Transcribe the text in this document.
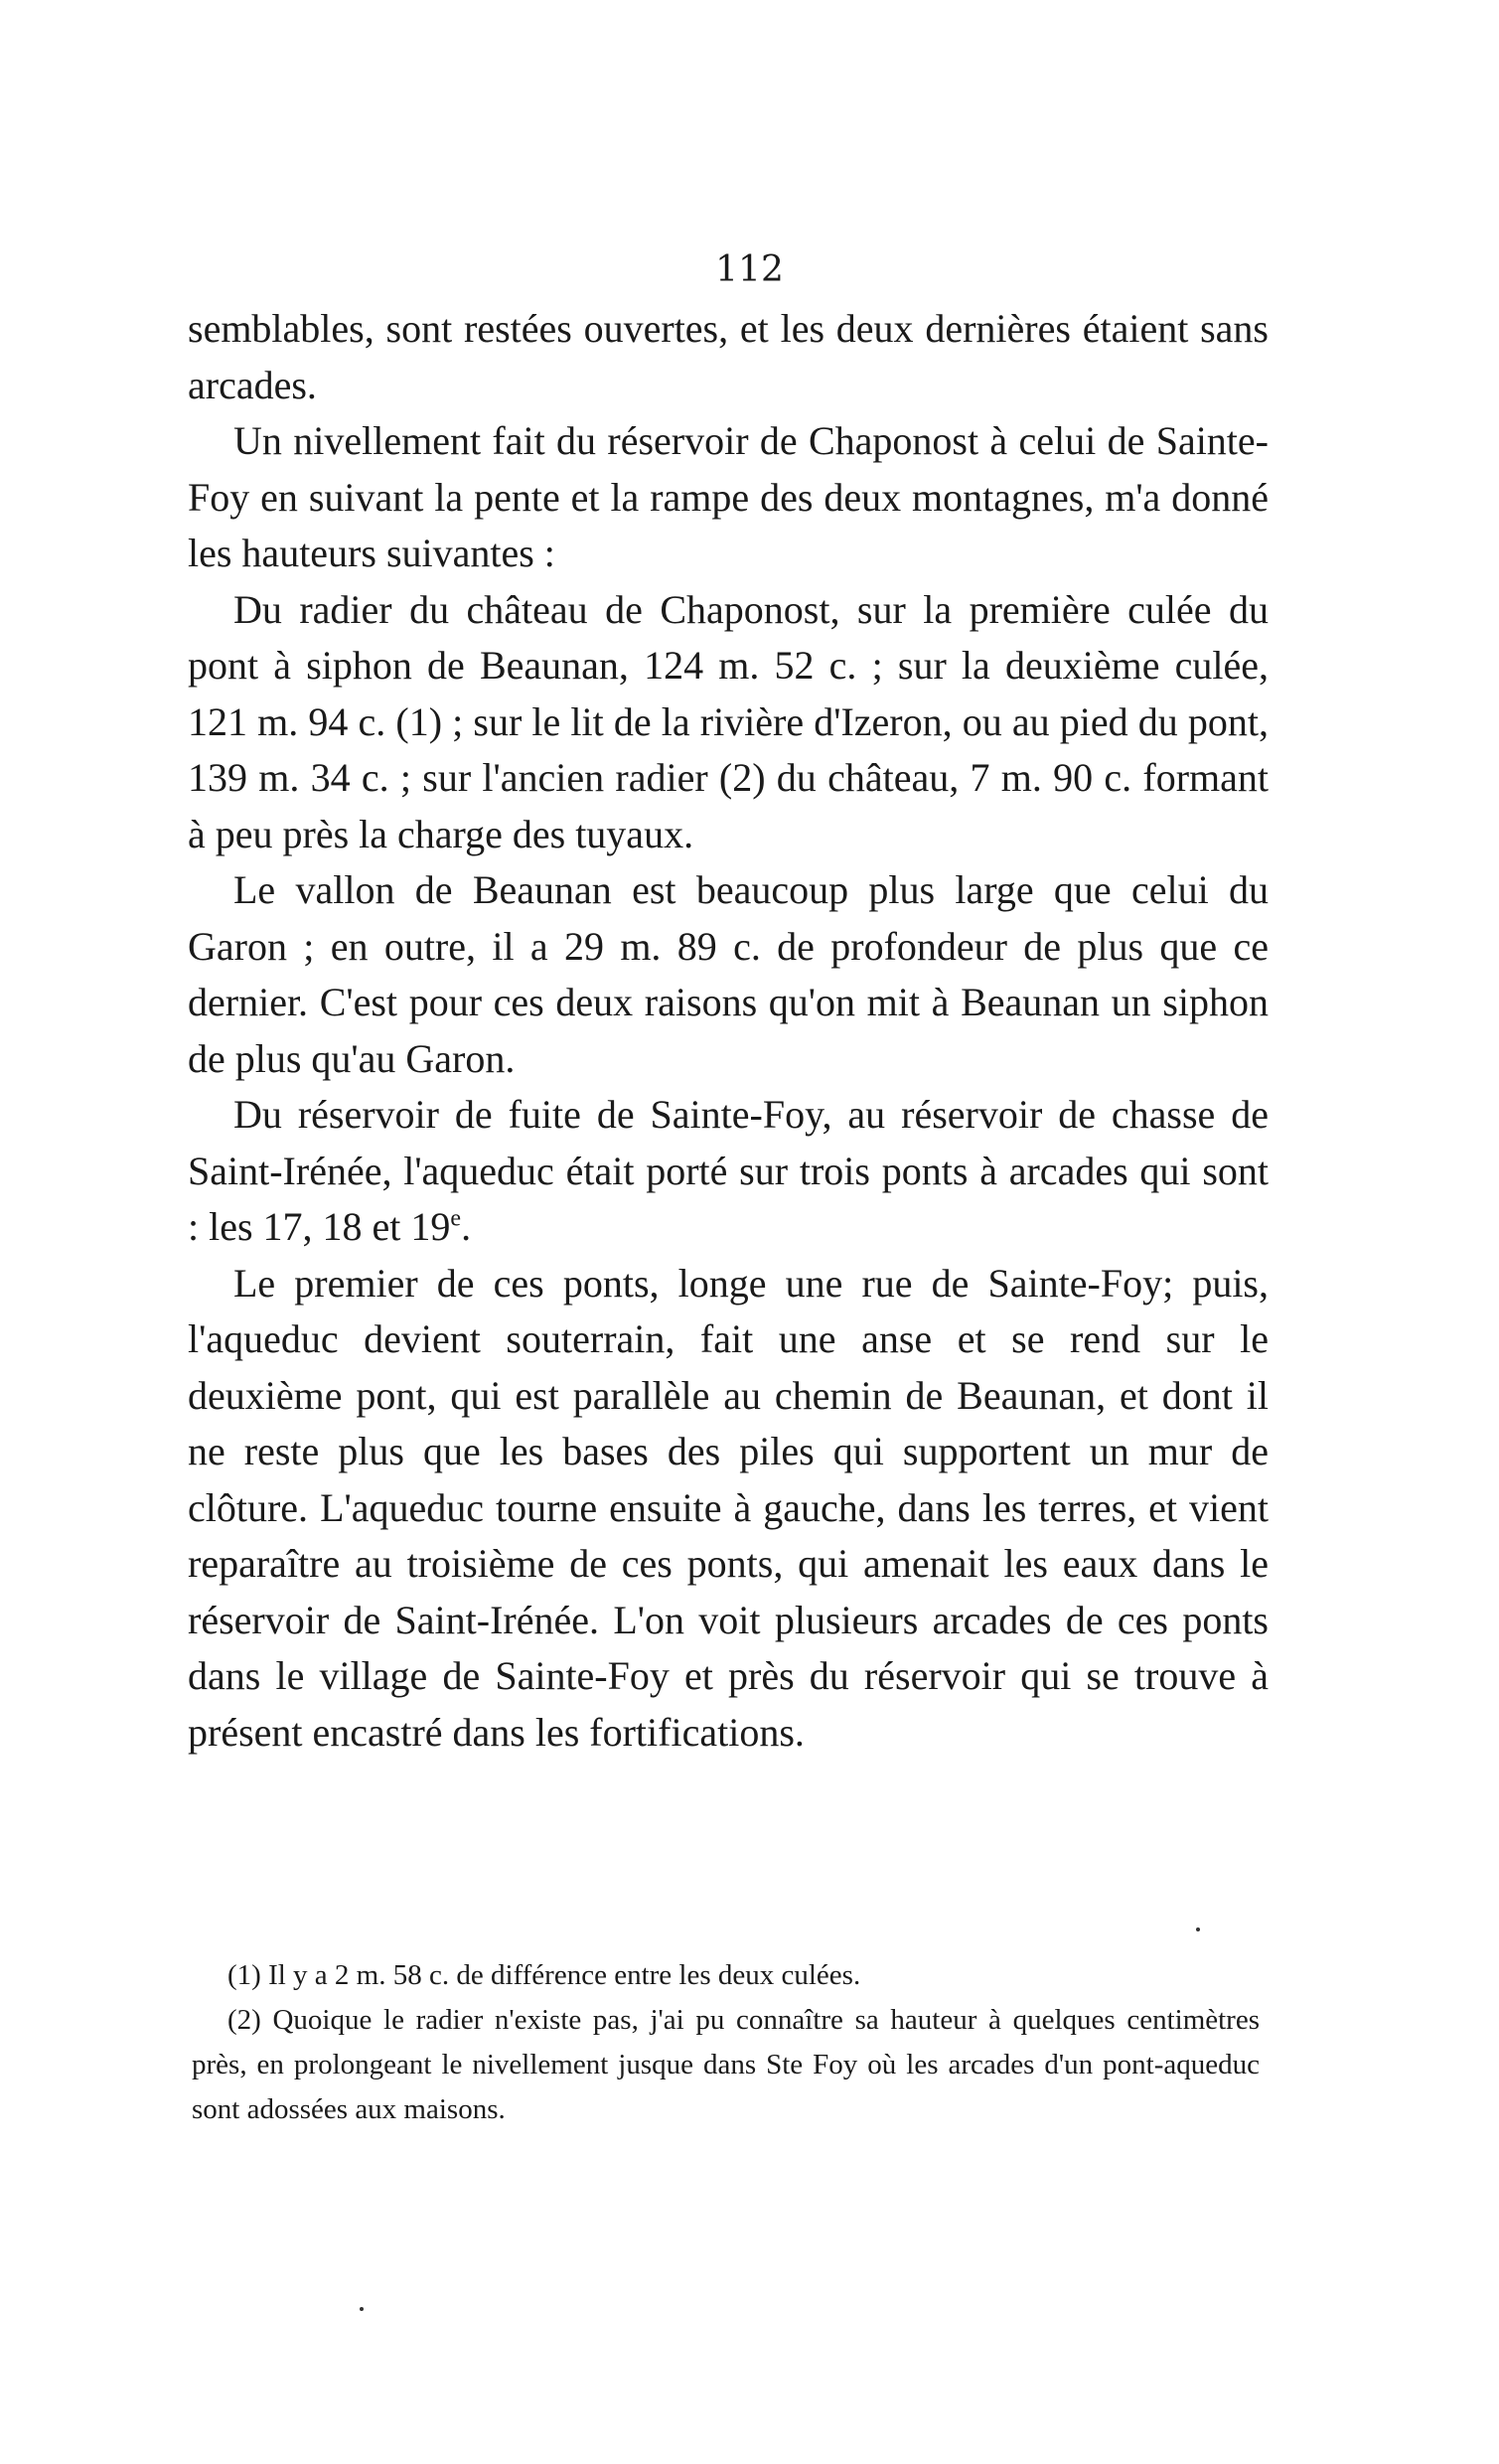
112

semblables, sont restées ouvertes, et les deux dernières étaient sans arcades.

Un nivellement fait du réservoir de Chaponost à celui de Sainte-Foy en suivant la pente et la rampe des deux montagnes, m'a donné les hauteurs suivantes :

Du radier du château de Chaponost, sur la première culée du pont à siphon de Beaunan, 124 m. 52 c. ; sur la deuxième culée, 121 m. 94 c. (1) ; sur le lit de la rivière d'Izeron, ou au pied du pont, 139 m. 34 c. ; sur l'ancien radier (2) du château, 7 m. 90 c. formant à peu près la charge des tuyaux.

Le vallon de Beaunan est beaucoup plus large que celui du Garon ; en outre, il a 29 m. 89 c. de profondeur de plus que ce dernier. C'est pour ces deux raisons qu'on mit à Beaunan un siphon de plus qu'au Garon.

Du réservoir de fuite de Sainte-Foy, au réservoir de chasse de Saint-Irénée, l'aqueduc était porté sur trois ponts à arcades qui sont : les 17, 18 et 19e.

Le premier de ces ponts, longe une rue de Sainte-Foy; puis, l'aqueduc devient souterrain, fait une anse et se rend sur le deuxième pont, qui est parallèle au chemin de Beaunan, et dont il ne reste plus que les bases des piles qui supportent un mur de clôture. L'aqueduc tourne ensuite à gauche, dans les terres, et vient reparaître au troisième de ces ponts, qui amenait les eaux dans le réservoir de Saint-Irénée. L'on voit plusieurs arcades de ces ponts dans le village de Sainte-Foy et près du réservoir qui se trouve à présent encastré dans les fortifications.

(1) Il y a 2 m. 58 c. de différence entre les deux culées.

(2) Quoique le radier n'existe pas, j'ai pu connaître sa hauteur à quelques centimètres près, en prolongeant le nivellement jusque dans Ste Foy où les arcades d'un pont-aqueduc sont adossées aux maisons.
